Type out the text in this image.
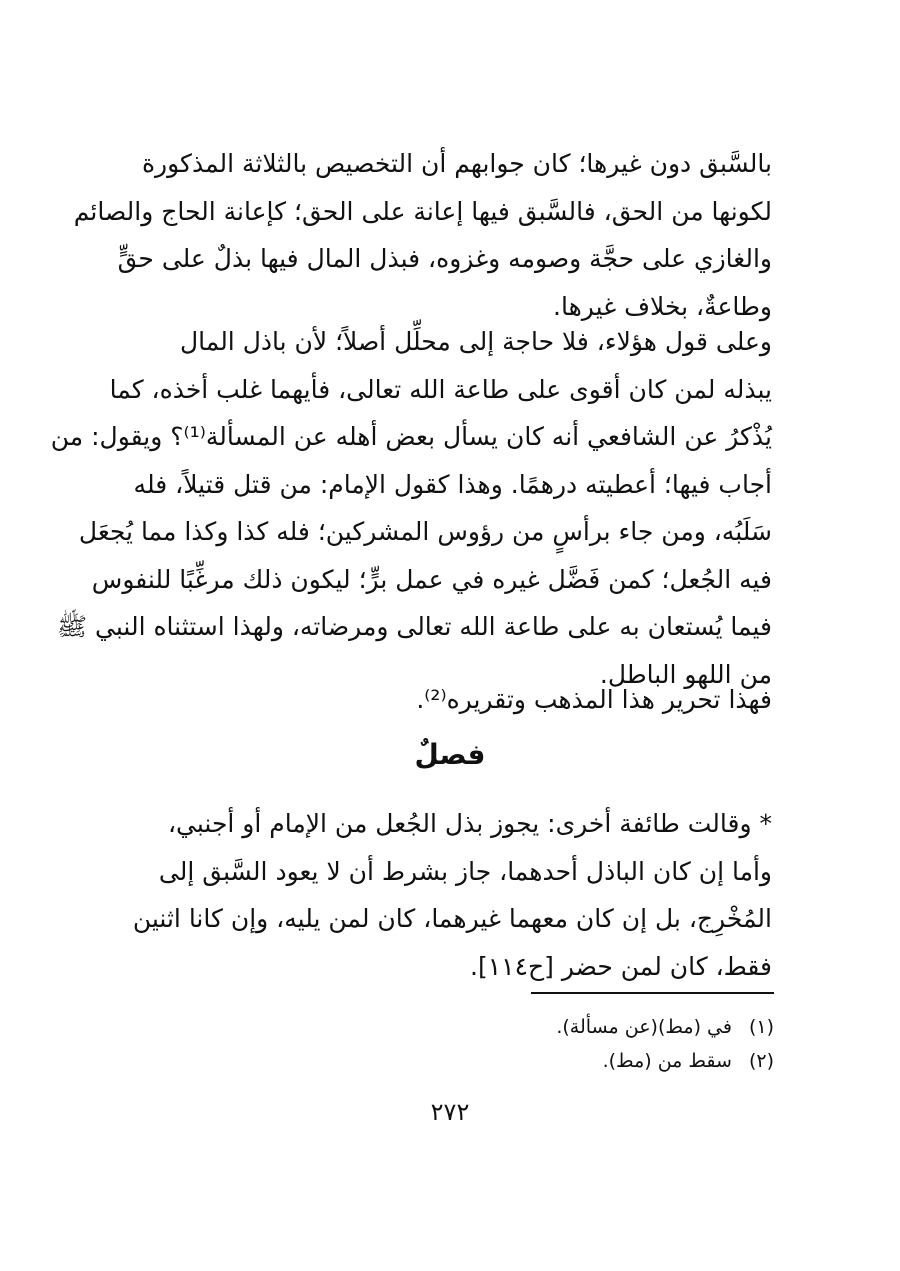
بالسَّبق دون غيرها؛ كان جوابهم أن التخصيص بالثلاثة المذكورة
لكونها من الحق، فالسَّبق فيها إعانة على الحق؛ كإعانة الحاج والصائم
والغازي على حجَّة وصومه وغزوه، فبذل المال فيها بذلٌ على حقٍّ
وطاعةٌ، بخلاف غيرها.
وعلى قول هؤلاء، فلا حاجة إلى محلِّل أصلاً؛ لأن باذل المال
يبذله لمن كان أقوى على طاعة الله تعالى، فأيهما غلب أخذه، كما
يُذْكرُ عن الشافعي أنه كان يسأل بعض أهله عن المسألة⁽¹⁾؟ ويقول: من
أجاب فيها؛ أعطيته درهمًا. وهذا كقول الإمام: من قتل قتيلاً، فله
سَلَبُه، ومن جاء برأسٍ من رؤوس المشركين؛ فله كذا وكذا مما يُجعَل
فيه الجُعل؛ كمن فَضَّل غيره في عمل برٍّ؛ ليكون ذلك مرغِّبًا للنفوس
فيما يُستعان به على طاعة الله تعالى ومرضاته، ولهذا استثناه النبي ﷺ
من اللهو الباطل.
فهذا تحرير هذا المذهب وتقريره⁽²⁾.
فصلٌ
* وقالت طائفة أخرى: يجوز بذل الجُعل من الإمام أو أجنبي،
وأما إن كان الباذل أحدهما، جاز بشرط أن لا يعود السَّبق إلى
المُخْرِج، بل إن كان معهما غيرهما، كان لمن يليه، وإن كانا اثنين
فقط، كان لمن حضر [ح١١٤].
(١) في (مط)(عن مسألة).
(٢) سقط من (مط).
٢٧٢
